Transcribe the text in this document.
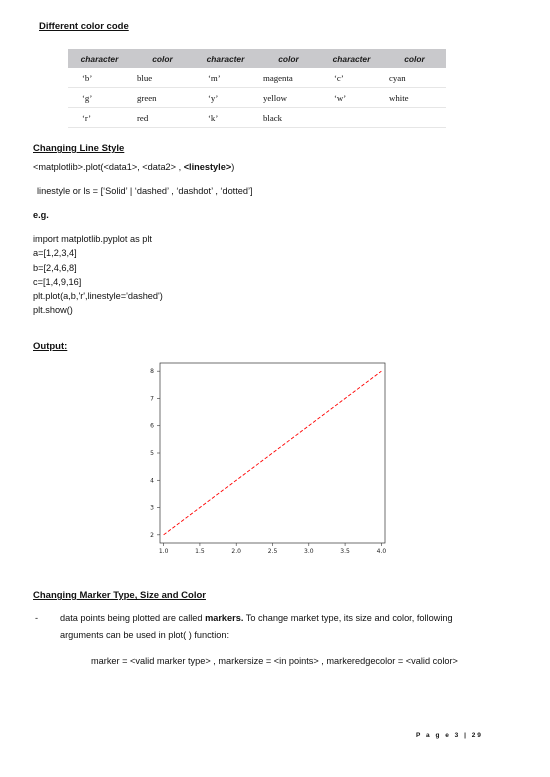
Different color code
character	color	character	color	character	color
‘b’	blue	‘m’	magenta	‘c’	cyan
‘g’	green	‘y’	yellow	‘w’	white
‘r’	red	‘k’	black		
Changing Line Style
<matplotlib>.plot(<data1>, <data2> , <linestyle>)
linestyle or ls = [‘Solid’ | ‘dashed’ , ‘dashdot’ , ‘dotted’]
e.g.
import matplotlib.pyplot as plt
a=[1,2,3,4]
b=[2,4,6,8]
c=[1,4,9,16]
plt.plot(a,b,'r',linestyle='dashed')
plt.show()
Output:
1.0	1.5	2.0	2.5	3.0	3.5	4.0
2
3
4
5
6
7
8
Changing Marker Type, Size and Color
- data points being plotted are called markers. To change market type, its size and color, following
arguments can be used in plot( ) function:
marker = <valid marker type> , markersize = <in points> , markeredgecolor = <valid color>
P a g e 3 | 29
